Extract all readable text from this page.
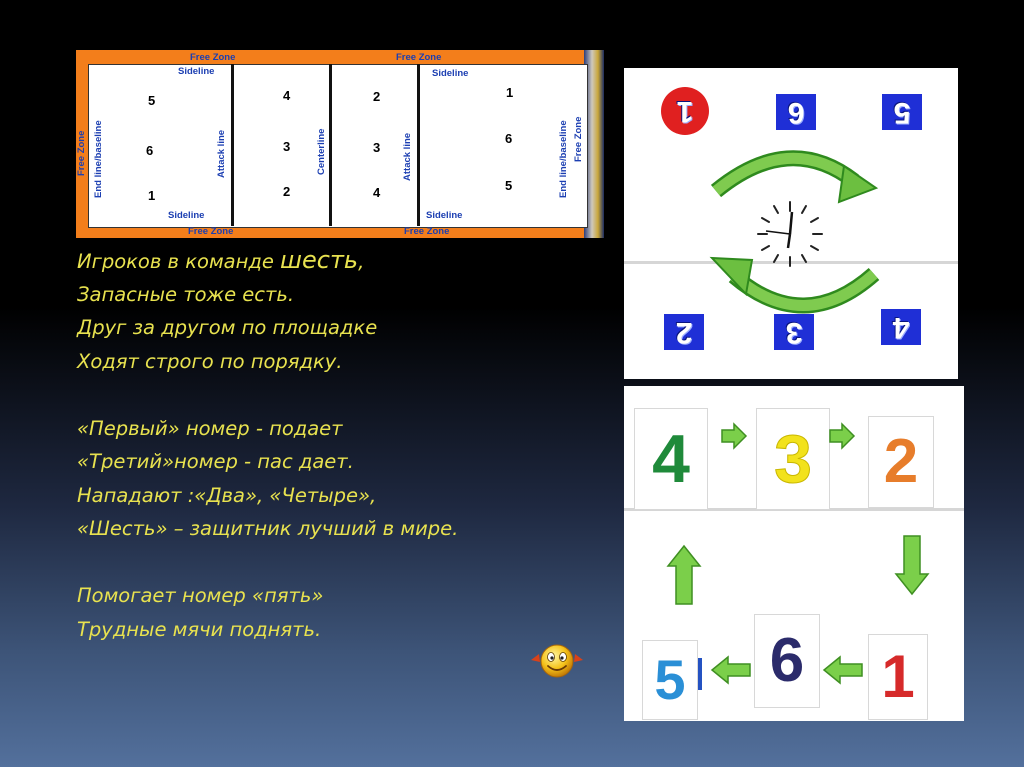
Free Zone	Free Zone
Free Zone	Free Zone
Free Zone	Free Zone
Sideline	Sideline
Sideline	Sideline
End line/baseline	End line/baseline
Attack line	Attack line
Centerline
5
6
1
4
3
2
2
3
4
1
6
5
Игроков в команде шесть,
Запасные тоже есть.
Друг за другом по площадке
Ходят строго по порядку.
«Первый» номер - подает
«Третий»номер - пас дает.
Нападают :«Два», «Четыре»,
«Шесть» – защитник лучший в мире.
Помогает номер «пять»
Трудные мячи поднять.
1	6	5
2	3	4
4 3 2
5 6 1
